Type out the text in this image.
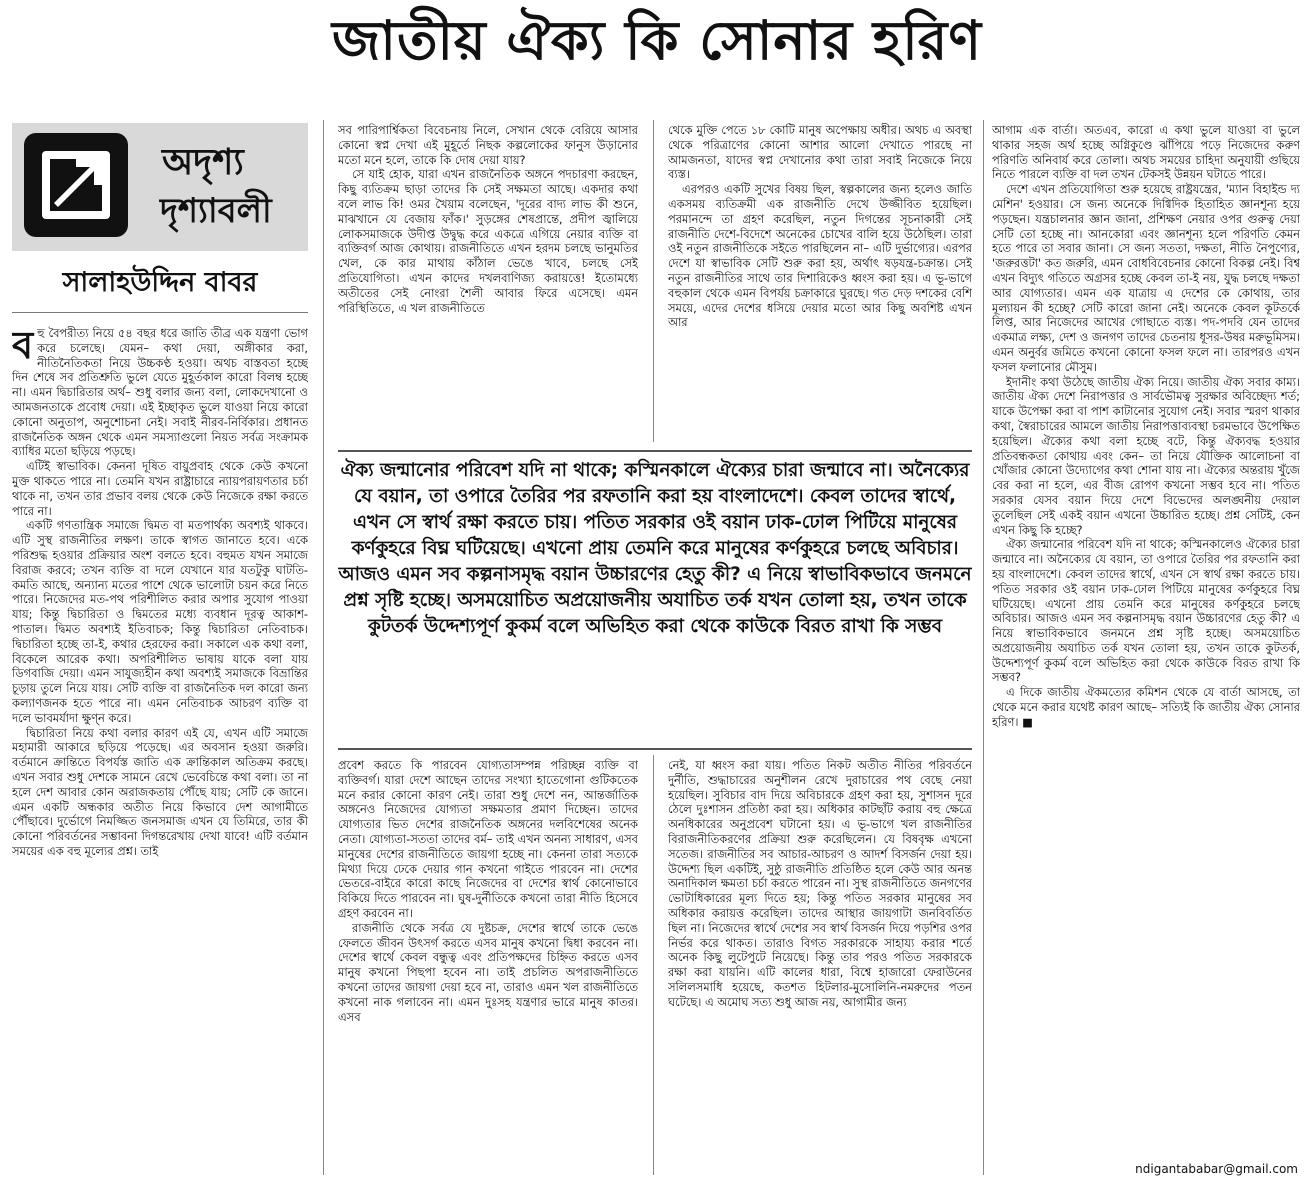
জাতীয় ঐক্য কি সোনার হরিণ
অদৃশ্য
দৃশ্যাবলী
সালাহউদ্দিন বাবর

বহু বৈপরীত্য নিয়ে ৫৪ বছর ধরে জাতি তীব্র এক যন্ত্রণা ভোগ করে চলেছে। যেমন– কথা দেয়া, অঙ্গীকার করা, নীতিনৈতিকতা নিয়ে উচ্চকণ্ঠ হওয়া। অথচ বাস্তবতা হচ্ছে দিন শেষে সব প্রতিশ্রুতি ভুলে যেতে মুহূর্তকাল কারো বিলম্ব হচ্ছে না। এমন দ্বিচারিতার অর্থ– শুধু বলার জন্য বলা, লোকদেখানো ও আমজনতাকে প্রবোধ দেয়া। এই ইচ্ছাকৃত ভুলে যাওয়া নিয়ে কারো কোনো অনুতাপ, অনুশোচনা নেই। সবাই নীরব-নির্বিকার। প্রধানত রাজনৈতিক অঙ্গন থেকে এমন সমস্যাগুলো নিয়ত সর্বত্র সংক্রামক ব্যাধির মতো ছড়িয়ে পড়ছে।

এটিই স্বাভাবিক। কেননা দূষিত বায়ুপ্রবাহ থেকে কেউ কখনো মুক্ত থাকতে পারে না। তেমনি যখন রাষ্ট্রাচারে ন্যায়পরায়ণতার চর্চা থাকে না, তখন তার প্রভাব বলয় থেকে কেউ নিজেকে রক্ষা করতে পারে না।

একটি গণতান্ত্রিক সমাজে দ্বিমত বা মতপার্থক্য অবশ্যই থাকবে। এটি সুস্থ রাজনীতির লক্ষণ। তাকে স্বাগত জানাতে হবে। একে পরিশুদ্ধ হওয়ার প্রক্রিয়ার অংশ বলতে হবে। বহুমত যখন সমাজে বিরাজ করবে; তখন ব্যক্তি বা দলে যেখানে যার যতটুকু ঘাটতি-কমতি আছে, অন্যান্য মতের পাশে থেকে ভালোটা চয়ন করে নিতে পারে। নিজেদের মত-পথ পরিশীলিত করার অপার সুযোগ পাওয়া যায়; কিন্তু দ্বিচারিতা ও দ্বিমতের মধ্যে ব্যবধান দূরত্ব আকাশ-পাতাল। দ্বিমত অবশ্যই ইতিবাচক; কিন্তু দ্বিচারিতা নেতিবাচক। দ্বিচারিতা হচ্ছে তা-ই, কথার হেরফের করা। সকালে এক কথা বলা, বিকেলে আরেক কথা। অপরিশীলিত ভাষায় যাকে বলা যায় ডিগবাজি দেয়া। এমন সাযুজ্যহীন কথা অবশ্যই সমাজকে বিভ্রান্তির চূড়ায় তুলে নিয়ে যায়। সেটি ব্যক্তি বা রাজনৈতিক দল কারো জন্য কল্যাণজনক হতে পারে না। এমন নেতিবাচক আচরণ ব্যক্তি বা দলে ভাবমর্যাদা ক্ষুণ্ন করে।

দ্বিচারিতা নিয়ে কথা বলার কারণ এই যে, এখন এটি সমাজে মহামারী আকারে ছড়িয়ে পড়েছে। এর অবসান হওয়া জরুরি। বর্তমানে ক্রান্তিতে বিপর্যস্ত জাতি এক ক্রান্তিকাল অতিক্রম করছে। এখন সবার শুধু দেশকে সামনে রেখে ভেবেচিন্তে কথা বলা। তা না হলে দেশ আবার কোন অরাজকতায় পৌঁছে যায়; সেটি কে জানে। এমন একটি অন্ধকার অতীত নিয়ে কিভাবে দেশ আগামীতে পৌঁছাবে। দুর্ভোগে নিমজ্জিত জনসমাজ এখন যে তিমিরে, তার কী কোনো পরিবর্তনের সম্ভাবনা দিগন্তরেখায় দেখা যাবে! এটি বর্তমান সময়ের এক বহু মূল্যের প্রশ্ন। তাই

সব পারিপার্শ্বিকতা বিবেচনায় নিলে, সেখান থেকে বেরিয়ে আসার কোনো স্বপ্ন দেখা এই মুহূর্তে নিছক কল্পলোকের ফানুস উড়ানোর মতো মনে হলে, তাকে কি দোষ দেয়া যায়?

সে যাই হোক, যারা এখন রাজনৈতিক অঙ্গনে পদচারণা করছেন, কিছু ব্যতিক্রম ছাড়া তাদের কি সেই সক্ষমতা আছে। একদার কথা বলে লাভ কি! ওমর খৈয়াম বলেছেন, 'দূরের বাদ্য লাভ কী শুনে, মাঝখানে যে বেজায় ফাঁক।' সুড়ঙ্গের শেষপ্রান্তে, প্রদীপ জ্বালিয়ে লোকসমাজকে উদীপ্ত উদ্বুদ্ধ করে একত্রে এগিয়ে নেয়ার ব্যক্তি বা ব্যক্তিবর্গ আজ কোথায়। রাজনীতিতে এখন হরদম চলছে ভানুমতির খেল, কে কার মাথায় কাঁঠাল ভেঙে খাবে, চলছে সেই প্রতিযোগিতা। এখন কাদের দখলবাণিজ্য করায়ত্তে! ইতোমধ্যে অতীতের সেই নোংরা শৈলী আবার ফিরে এসেছে। এমন পরিস্থিতিতে, এ খল রাজনীতিতে

থেকে মুক্তি পেতে ১৮ কোটি মানুষ অপেক্ষায় অধীর। অথচ এ অবস্থা থেকে পরিত্রাণের কোনো আশার আলো দেখাতে পারছে না আমজনতা, যাদের স্বপ্ন দেখানোর কথা তারা সবাই নিজেকে নিয়ে ব্যস্ত।

এরপরও একটি সুখের বিষয় ছিল, স্বল্পকালের জন্য হলেও জাতি একসময় ব্যতিক্রমী এক রাজনীতি দেখে উজ্জীবিত হয়েছিল। পরমানন্দে তা গ্রহণ করেছিল, নতুন দিগন্তের সূচনাকারী সেই রাজনীতি দেশে-বিদেশে অনেকের চোখের বালি হয়ে উঠেছিল। তারা ওই নতুন রাজনীতিকে সইতে পারছিলেন না– এটি দুর্ভাগ্যের। এরপর দেশে যা স্বাভাবিক সেটি শুরু করা হয়, অর্থাৎ ষড়যন্ত্র-চক্রান্ত। সেই নতুন রাজনীতির সাথে তার দিশারিকেও ধ্বংস করা হয়। এ ভূ-ভাগে বহুকাল থেকে এমন বিপর্যয় চক্রাকারে ঘুরছে। গত দেড় দশকের বেশি সময়ে, এদের দেশের ধসিয়ে দেয়ার মতো আর কিছু অবশিষ্ট এখন আর

ঐক্য জন্মানোর পরিবেশ যদি না থাকে; কস্মিনকালে ঐক্যের চারা জন্মাবে না। অনৈক্যের যে বয়ান, তা ওপারে তৈরির পর রফতানি করা হয় বাংলাদেশে। কেবল তাদের স্বার্থে, এখন সে স্বার্থ রক্ষা করতে চায়। পতিত সরকার ওই বয়ান ঢাক-ঢোল পিটিয়ে মানুষের কর্ণকুহরে বিঘ্ন ঘটিয়েছে। এখনো প্রায় তেমনি করে মানুষের কর্ণকুহরে চলছে অবিচার। আজও এমন সব কল্পনাসমৃদ্ধ বয়ান উচ্চারণের হেতু কী? এ নিয়ে স্বাভাবিকভাবে জনমনে প্রশ্ন সৃষ্টি হচ্ছে। অসময়োচিত অপ্রয়োজনীয় অযাচিত তর্ক যখন তোলা হয়, তখন তাকে কুটতর্ক উদ্দেশ্যপূর্ণ কুকর্ম বলে অভিহিত করা থেকে কাউকে বিরত রাখা কি সম্ভব

প্রবেশ করতে কি পারবেন যোগ্যতাসম্পন্ন পরিচ্ছন্ন ব্যক্তি বা ব্যক্তিবর্গ। যারা দেশে আছেন তাদের সংখ্যা হাতেগোনা গুটিকতেক মনে করার কোনো কারণ নেই। তারা শুধু দেশে নন, আন্তর্জাতিক অঙ্গনেও নিজেদের যোগ্যতা সক্ষমতার প্রমাণ দিচ্ছেন। তাদের যোগ্যতার ভিত দেশের রাজনৈতিক অঙ্গনের দলবিশেষের অনেক নেতা। যোগ্যতা-সততা তাদের বর্ম– তাই এখন অনন্য সাধারণ, এসব মানুষের দেশের রাজনীতিতে জায়গা হচ্ছে না। কেননা তারা সত্যকে মিথ্যা দিয়ে ঢেকে দেয়ার গান কখনো গাইতে পারবেন না। দেশের ভেতরে-বাইরে কারো কাছে নিজেদের বা দেশের স্বার্থ কোনোভাবে বিকিয়ে দিতে পারবেন না। ঘুষ-দুর্নীতিকে কখনো তারা নীতি হিসেবে গ্রহণ করবেন না।

রাজনীতি থেকে সর্বত্র যে দুষ্টচক্র, দেশের স্বার্থে তাকে ভেঙে ফেলতে জীবন উৎসর্গ করতে এসব মানুষ কখনো দ্বিধা করবেন না। দেশের স্বার্থে কেবল বন্ধুত্ব এবং প্রতিপক্ষদের চিহ্নিত করতে এসব মানুষ কখনো পিছপা হবেন না। তাই প্রচলিত অপরাজনীতিতে কখনো তাদের জায়গা দেয়া হবে না, তারাও এমন খল রাজনীতিতে কখনো নাক গলাবেন না। এমন দুঃসহ যন্ত্রণার ভারে মানুষ কাতর। এসব

নেই, যা ধ্বংস করা যায়। পতিত নিকট অতীত নীতির পরিবর্তনে দুর্নীতি, শুদ্ধাচারের অনুশীলন রেখে দুরাচারের পথ বেছে নেয়া হয়েছিল। সুবিচার বাদ দিয়ে অবিচারকে গ্রহণ করা হয়, সুশাসন দূরে ঠেলে দুঃশাসন প্রতিষ্ঠা করা হয়। অধিকার কাটছাঁট করায় বহু ক্ষেত্রে অনধিকারের অনুপ্রবেশ ঘটানো হয়। এ ভূ-ভাগে খল রাজনীতির বিরাজনীতিকরণের প্রক্রিয়া শুরু করেছিলেন। যে বিষবৃক্ষ এখনো সতেজ। রাজনীতির সব আচার-আচরণ ও আদর্শ বিসর্জন দেয়া হয়। উদ্দেশ্য ছিল একটিই, সুষ্ঠু রাজনীতি প্রতিষ্ঠিত হলে কেউ আর অনন্ত অনাদিকাল ক্ষমতা চর্চা করতে পারেন না। সুস্থ রাজনীতিতে জনগণের ভোটাধিকারের মূল্য দিতে হয়; কিন্তু পতিত সরকার মানুষের সব অধিকার করায়ত্ত করেছিল। তাদের আস্থার জায়গাটা জনবিবর্তিত ছিল না। নিজেদের স্বার্থে দেশের সব স্বার্থ বিসর্জন দিয়ে পড়শির ওপর নির্ভর করে থাকত। তারাও বিগত সরকারকে সাহায্য করার শর্তে অনেক কিছু লুটেপুটে নিয়েছে। কিন্তু তার পরও পতিত সরকারকে রক্ষা করা যায়নি। এটি কালের ধারা, বিশ্বে হাজারো ফেরাউনের সলিলসমাধি হয়েছে, কতশত হিটলার-মুসোলিনি-নমরুদের পতন ঘটেছে। এ অমোঘ সত্য শুধু আজ নয়, আগামীর জন্য

আগাম এক বার্তা। অতএব, কারো এ কথা ভুলে যাওয়া বা ভুলে থাকার সহজ অর্থ হচ্ছে অগ্নিকুণ্ডে ঝাঁপিয়ে পড়ে নিজেদের করুণ পরিণতি অনিবার্য করে তোলা। অথচ সময়ের চাহিদা অনুযায়ী গুছিয়ে নিতে পারলে ব্যক্তি বা দল তখন টেকসই উন্নয়ন ঘটাতে পারে।

দেশে এখন প্রতিযোগিতা শুরু হয়েছে রাষ্ট্রযন্ত্রের, 'ম্যান বিহাইন্ড দ্য মেশিন' হওয়ার। সে জন্য অনেকে দিগ্বিদিক হিতাহিত জ্ঞানশূন্য হয়ে পড়ছেন। যন্ত্রচালনার জ্ঞান জানা, প্রশিক্ষণ নেয়ার ওপর গুরুত্ব দেয়া সেটি তো হচ্ছে না। আনকোরা এবং জ্ঞানশূন্য হলে পরিণতি কেমন হতে পারে তা সবার জানা। সে জন্য সততা, দক্ষতা, নীতি নৈপুণ্যের, 'জরুরত্তটা' কত জরুরি, এমন বোধবিবেচনার কোনো বিকল্প নেই। বিশ্ব এখন বিদ্যুৎ গতিতে অগ্রসর হচ্ছে কেবল তা-ই নয়, যুদ্ধ চলছে দক্ষতা আর যোগ্যতার। এমন এক যাত্রায় এ দেশের কে কোথায়, তার মূল্যায়ন কী হচ্ছে? সেটি কারো জানা নেই। অনেকে কেবল কূটতর্কে লিপ্ত, আর নিজেদের আখের গোছাতে ব্যস্ত। পদ-পদবি যেন তাদের একমাত্র লক্ষ্য, দেশ ও জনগণ তাদের চেতনায় ধূসর-উষর মরুভূমিসম। এমন অনুর্বর জমিতে কখনো কোনো ফসল ফলে না। তারপরও এখন ফসল ফলানোর মৌসুম।

ইদানীং কথা উঠেছে জাতীয় ঐক্য নিয়ে। জাতীয় ঐক্য সবার কাম্য। জাতীয় ঐক্য দেশে নিরাপত্তার ও সার্বভৌমত্ব সুরক্ষার অবিচ্ছেদ্য শর্ত; যাকে উপেক্ষা করা বা পাশ কাটানোর সুযোগ নেই। সবার স্মরণ থাকার কথা, স্বৈরাচারের আমলে জাতীয় নিরাপত্তাব্যবস্থা চরমভাবে উপেক্ষিত হয়েছিল। ঐক্যের কথা বলা হচ্ছে বটে, কিন্তু ঐক্যবদ্ধ হওয়ার প্রতিবন্ধকতা কোথায় এবং কেন– তা নিয়ে যৌক্তিক আলোচনা বা খোঁজার কোনো উদ্যোগের কথা শোনা যায় না। ঐক্যের অন্তরায় খুঁজে বের করা না হলে, এর বীজ রোপণ কখনো সম্ভব হবে না। পতিত সরকার যেসব বয়ান দিয়ে দেশে বিভেদের অলঙ্ঘনীয় দেয়াল তুলেছিল সেই একই বয়ান এখনো উচ্চারিত হচ্ছে। প্রশ্ন সেটিই, কেন এখন কিছু কি হচ্ছে?

ঐক্য জন্মানোর পরিবেশ যদি না থাকে; কস্মিনকালেও ঐক্যের চারা জন্মাবে না। অনৈক্যের যে বয়ান, তা ওপারে তৈরির পর রফতানি করা হয় বাংলাদেশে। কেবল তাদের স্বার্থে, এখন সে স্বার্থ রক্ষা করতে চায়। পতিত সরকার ওই বয়ান ঢাক-ঢোল পিটিয়ে মানুষের কর্ণকুহরে বিঘ্ন ঘটিয়েছে। এখনো প্রায় তেমনি করে মানুষের কর্ণকুহরে চলছে অবিচার। আজও এমন সব কল্পনাসমৃদ্ধ বয়ান উচ্চারণের হেতু কী? এ নিয়ে স্বাভাবিকভাবে জনমনে প্রশ্ন সৃষ্টি হচ্ছে। অসময়োচিত অপ্রয়োজনীয় অযাচিত তর্ক যখন তোলা হয়, তখন তাকে কুটতর্ক, উদ্দেশ্যপূর্ণ কুকর্ম বলে অভিহিত করা থেকে কাউকে বিরত রাখা কি সম্ভব?

এ দিকে জাতীয় ঐকমত্যের কমিশন থেকে যে বার্তা আসছে, তা থেকে মনে করার যথেষ্ট কারণ আছে– সত্যিই কি জাতীয় ঐক্য সোনার হরিণ। ■

ndigantababar@gmail.com
